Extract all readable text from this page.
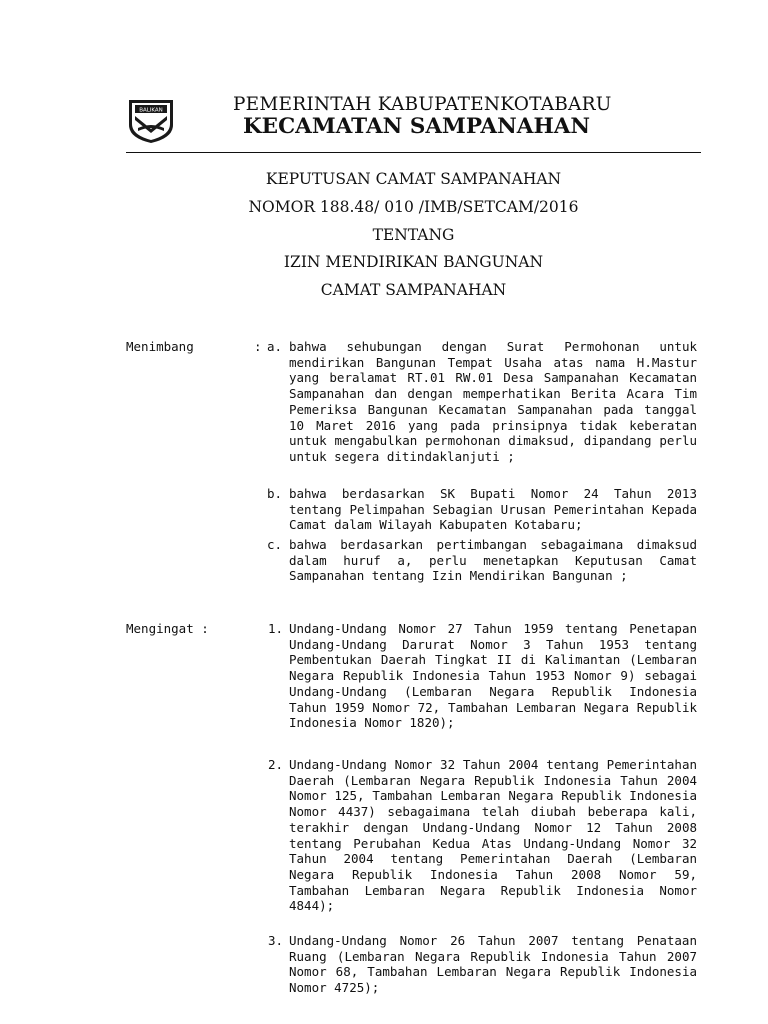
BALIKAN	PEMERINTAH KABUPATENKOTABARU
KECAMATAN SAMPANAHAN
KEPUTUSAN CAMAT SAMPANAHAN
NOMOR 188.48/ 010 /IMB/SETCAM/2016
TENTANG
IZIN MENDIRIKAN BANGUNAN
CAMAT SAMPANAHAN
Menimbang	: a. bahwa sehubungan dengan Surat Permohonan untuk mendirikan Bangunan Tempat Usaha atas nama H.Mastur yang beralamat RT.01 RW.01 Desa Sampanahan Kecamatan Sampanahan dan dengan memperhatikan Berita Acara Tim Pemeriksa Bangunan Kecamatan Sampanahan pada tanggal 10 Maret 2016 yang pada prinsipnya tidak keberatan untuk mengabulkan permohonan dimaksud, dipandang perlu untuk segera ditindaklanjuti ;
b. bahwa berdasarkan SK Bupati Nomor 24 Tahun 2013 tentang Pelimpahan Sebagian Urusan Pemerintahan Kepada Camat dalam Wilayah Kabupaten Kotabaru;
c. bahwa berdasarkan pertimbangan sebagaimana dimaksud dalam huruf a, perlu menetapkan Keputusan Camat Sampanahan tentang Izin Mendirikan Bangunan ;
Mengingat :	1. Undang-Undang Nomor 27 Tahun 1959 tentang Penetapan Undang-Undang Darurat Nomor 3 Tahun 1953 tentang Pembentukan Daerah Tingkat II di Kalimantan (Lembaran Negara Republik Indonesia Tahun 1953 Nomor 9) sebagai Undang-Undang (Lembaran Negara Republik Indonesia Tahun 1959 Nomor 72, Tambahan Lembaran Negara Republik Indonesia Nomor 1820);
2. Undang-Undang Nomor 32 Tahun 2004 tentang Pemerintahan Daerah (Lembaran Negara Republik Indonesia Tahun 2004 Nomor 125, Tambahan Lembaran Negara Republik Indonesia Nomor 4437) sebagaimana telah diubah beberapa kali, terakhir dengan Undang-Undang Nomor 12 Tahun 2008 tentang Perubahan Kedua Atas Undang-Undang Nomor 32 Tahun 2004 tentang Pemerintahan Daerah (Lembaran Negara Republik Indonesia Tahun 2008 Nomor 59, Tambahan Lembaran Negara Republik Indonesia Nomor 4844);
3. Undang-Undang Nomor 26 Tahun 2007 tentang Penataan Ruang (Lembaran Negara Republik Indonesia Tahun 2007 Nomor 68, Tambahan Lembaran Negara Republik Indonesia Nomor 4725);
